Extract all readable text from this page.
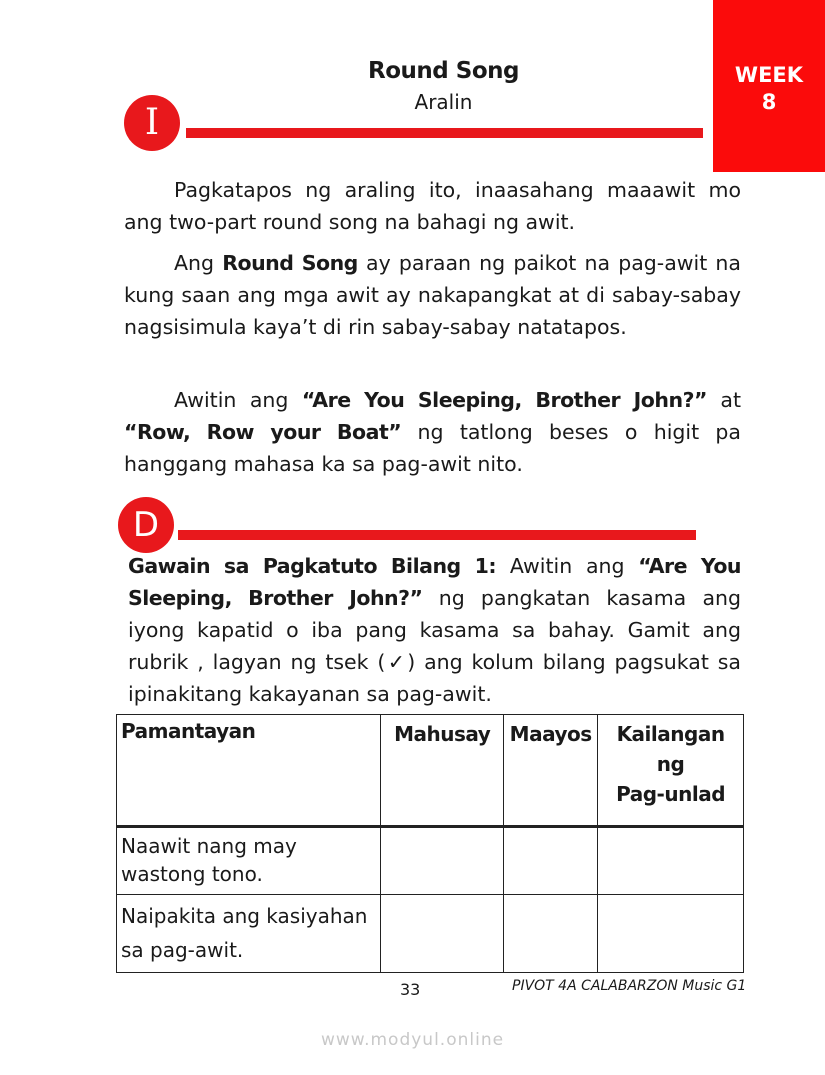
WEEK
8
Round Song
Aralin
I

Pagkatapos ng araling ito, inaasahang maaawit mo ang two-part round song na bahagi ng awit.

Ang Round Song ay paraan ng paikot na pag-awit na kung saan ang mga awit ay nakapangkat at di sabay-sabay nagsisimula kaya’t di rin sabay-sabay natatapos.

Awitin ang “Are You Sleeping, Brother John?” at “Row, Row your Boat” ng tatlong beses o higit pa hanggang mahasa ka sa pag-awit nito.

D

Gawain sa Pagkatuto Bilang 1: Awitin ang “Are You Sleeping, Brother John?” ng pangkatan kasama ang iyong kapatid o iba pang kasama sa bahay. Gamit ang rubrik , lagyan ng tsek (✓) ang kolum bilang pagsukat sa ipinakitang kakayanan sa pag-awit.

Pamantayan	Mahusay	Maayos	Kailangan
ng
Pag-unlad

Naawit nang may wastong tono.			
Naipakita ang kasiyahan sa pag-awit.			
33	PIVOT 4A CALABARZON Music G1
www.modyul.online
